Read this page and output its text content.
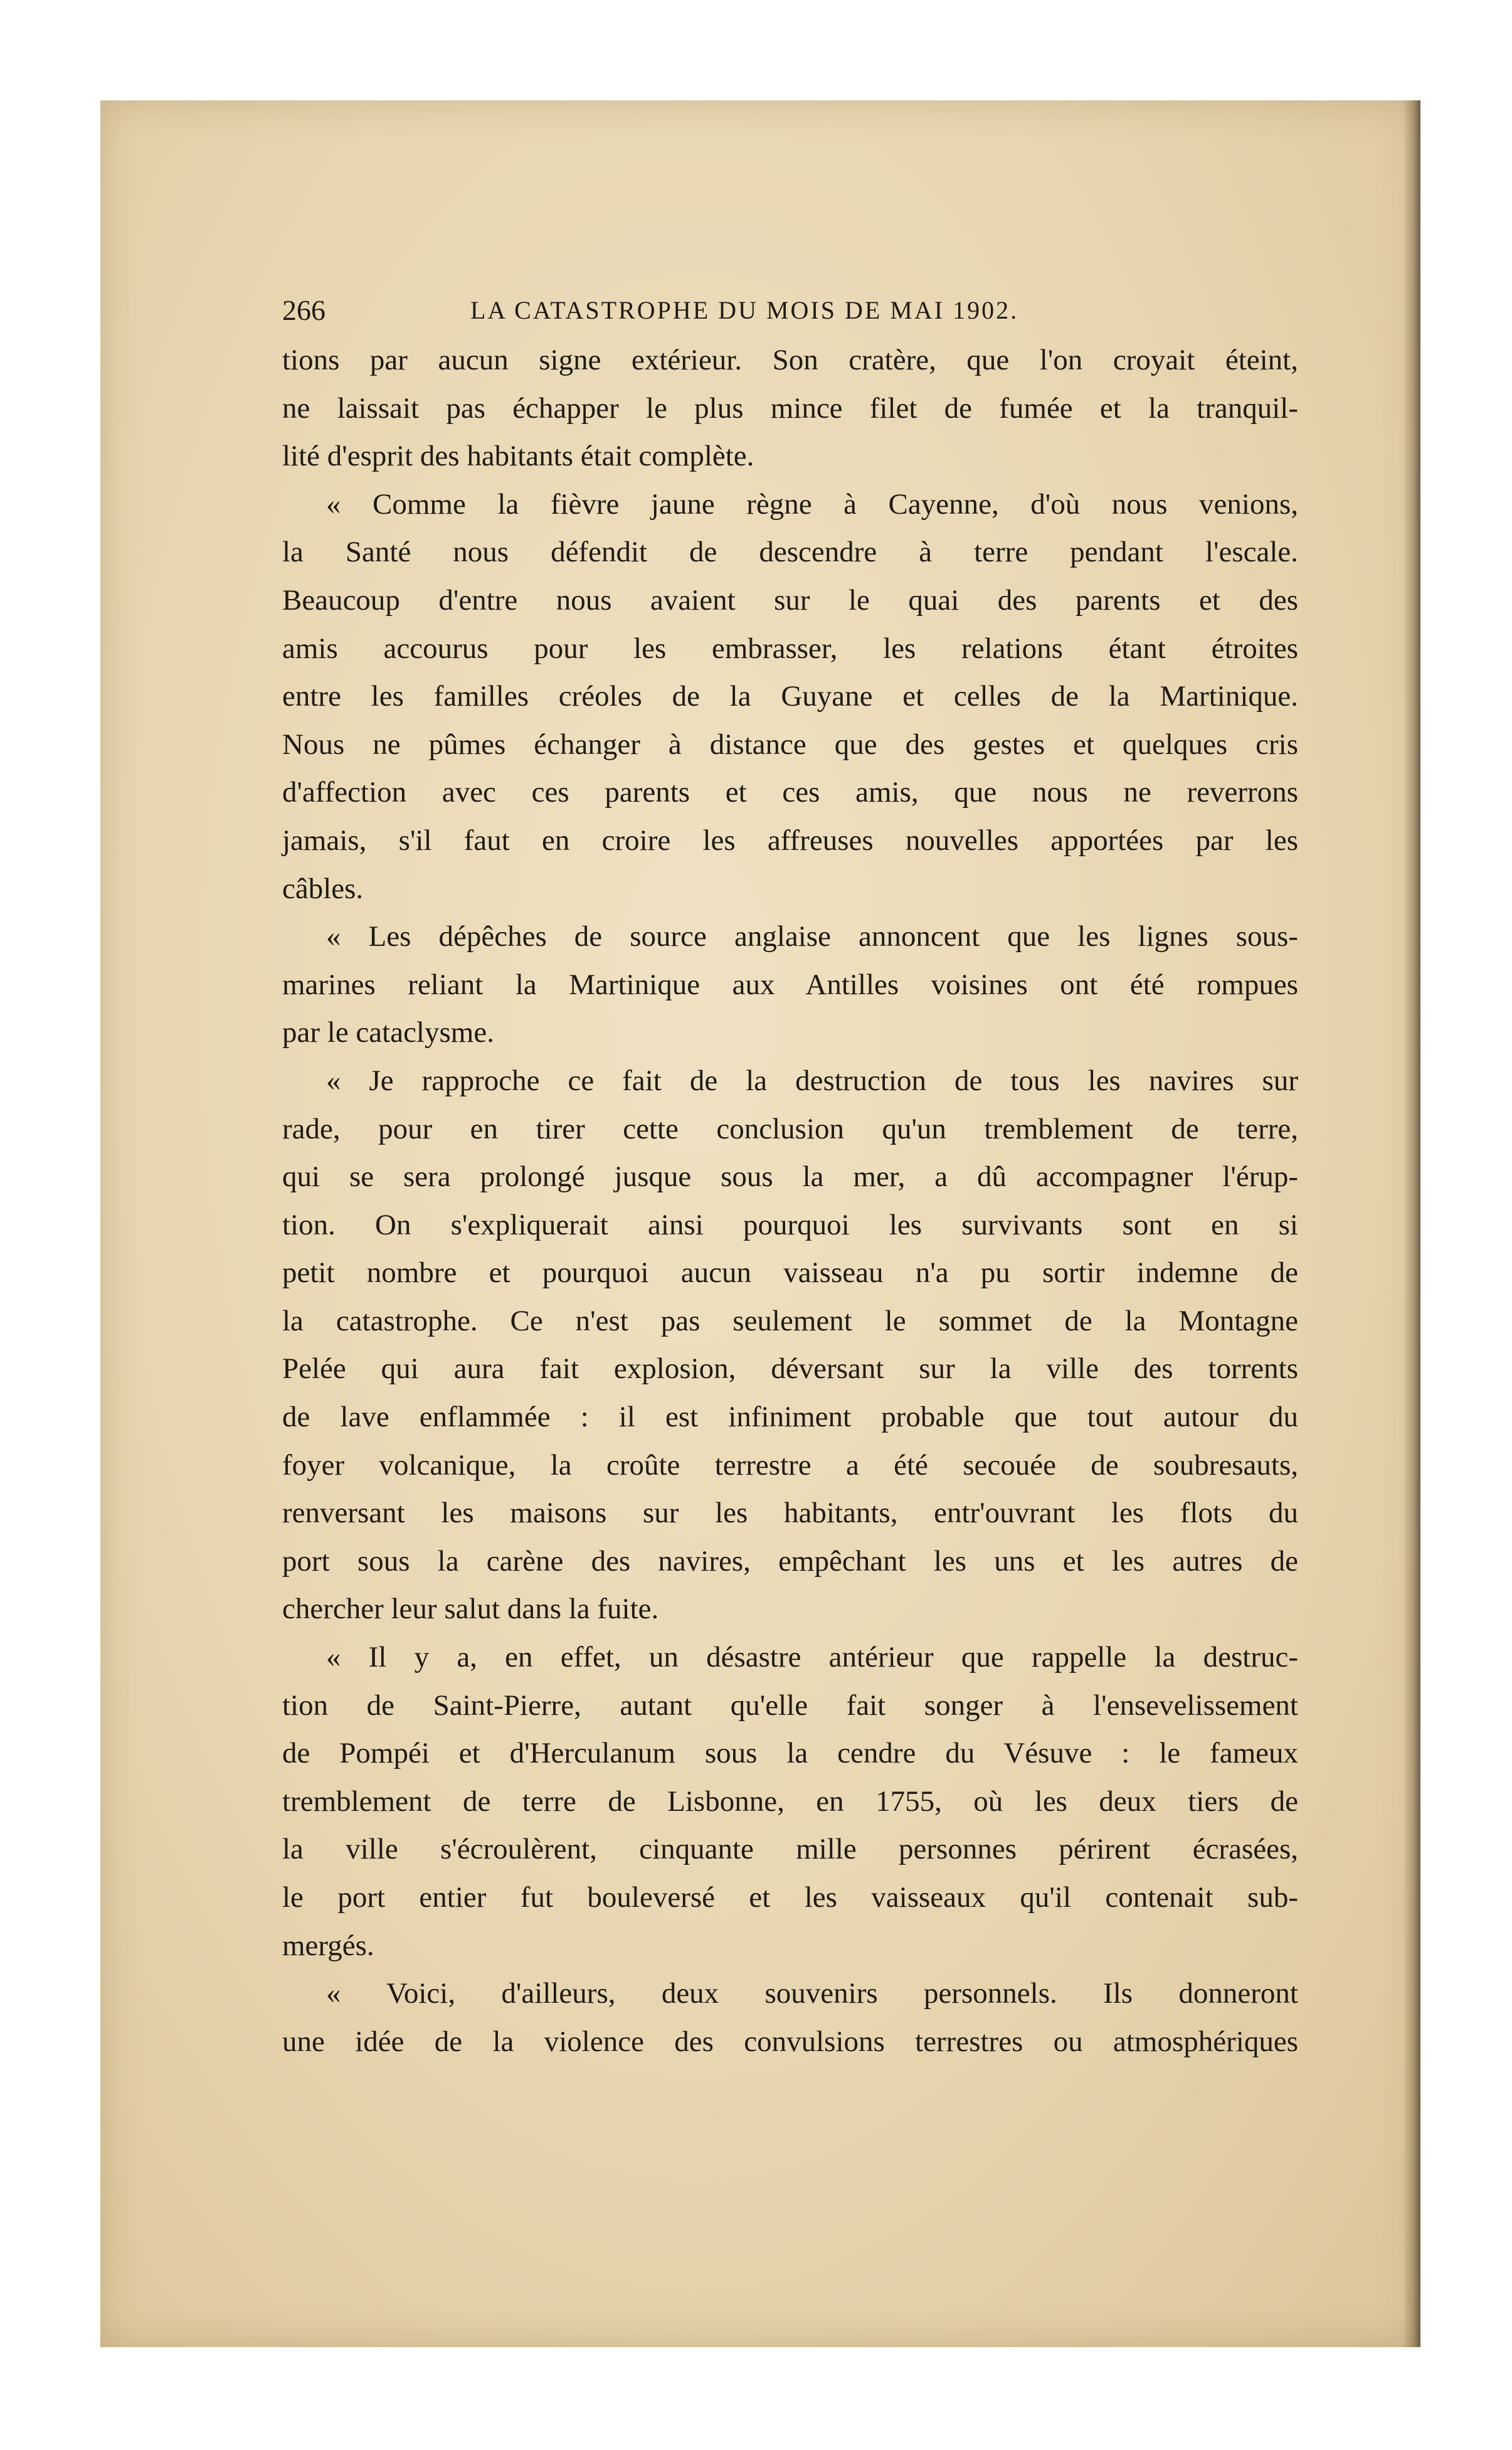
266	LA CATASTROPHE DU MOIS DE MAI 1902.
tions par aucun signe extérieur. Son cratère, que l'on croyait éteint,
ne laissait pas échapper le plus mince filet de fumée et la tranquil-
lité d'esprit des habitants était complète.
« Comme la fièvre jaune règne à Cayenne, d'où nous venions,
la Santé nous défendit de descendre à terre pendant l'escale.
Beaucoup d'entre nous avaient sur le quai des parents et des
amis accourus pour les embrasser, les relations étant étroites
entre les familles créoles de la Guyane et celles de la Martinique.
Nous ne pûmes échanger à distance que des gestes et quelques cris
d'affection avec ces parents et ces amis, que nous ne reverrons
jamais, s'il faut en croire les affreuses nouvelles apportées par les
câbles.
« Les dépêches de source anglaise annoncent que les lignes sous-
marines reliant la Martinique aux Antilles voisines ont été rompues
par le cataclysme.
« Je rapproche ce fait de la destruction de tous les navires sur
rade, pour en tirer cette conclusion qu'un tremblement de terre,
qui se sera prolongé jusque sous la mer, a dû accompagner l'érup-
tion. On s'expliquerait ainsi pourquoi les survivants sont en si
petit nombre et pourquoi aucun vaisseau n'a pu sortir indemne de
la catastrophe. Ce n'est pas seulement le sommet de la Montagne
Pelée qui aura fait explosion, déversant sur la ville des torrents
de lave enflammée : il est infiniment probable que tout autour du
foyer volcanique, la croûte terrestre a été secouée de soubresauts,
renversant les maisons sur les habitants, entr'ouvrant les flots du
port sous la carène des navires, empêchant les uns et les autres de
chercher leur salut dans la fuite.
« Il y a, en effet, un désastre antérieur que rappelle la destruc-
tion de Saint-Pierre, autant qu'elle fait songer à l'ensevelissement
de Pompéi et d'Herculanum sous la cendre du Vésuve : le fameux
tremblement de terre de Lisbonne, en 1755, où les deux tiers de
la ville s'écroulèrent, cinquante mille personnes périrent écrasées,
le port entier fut bouleversé et les vaisseaux qu'il contenait sub-
mergés.
« Voici, d'ailleurs, deux souvenirs personnels. Ils donneront
une idée de la violence des convulsions terrestres ou atmosphériques
